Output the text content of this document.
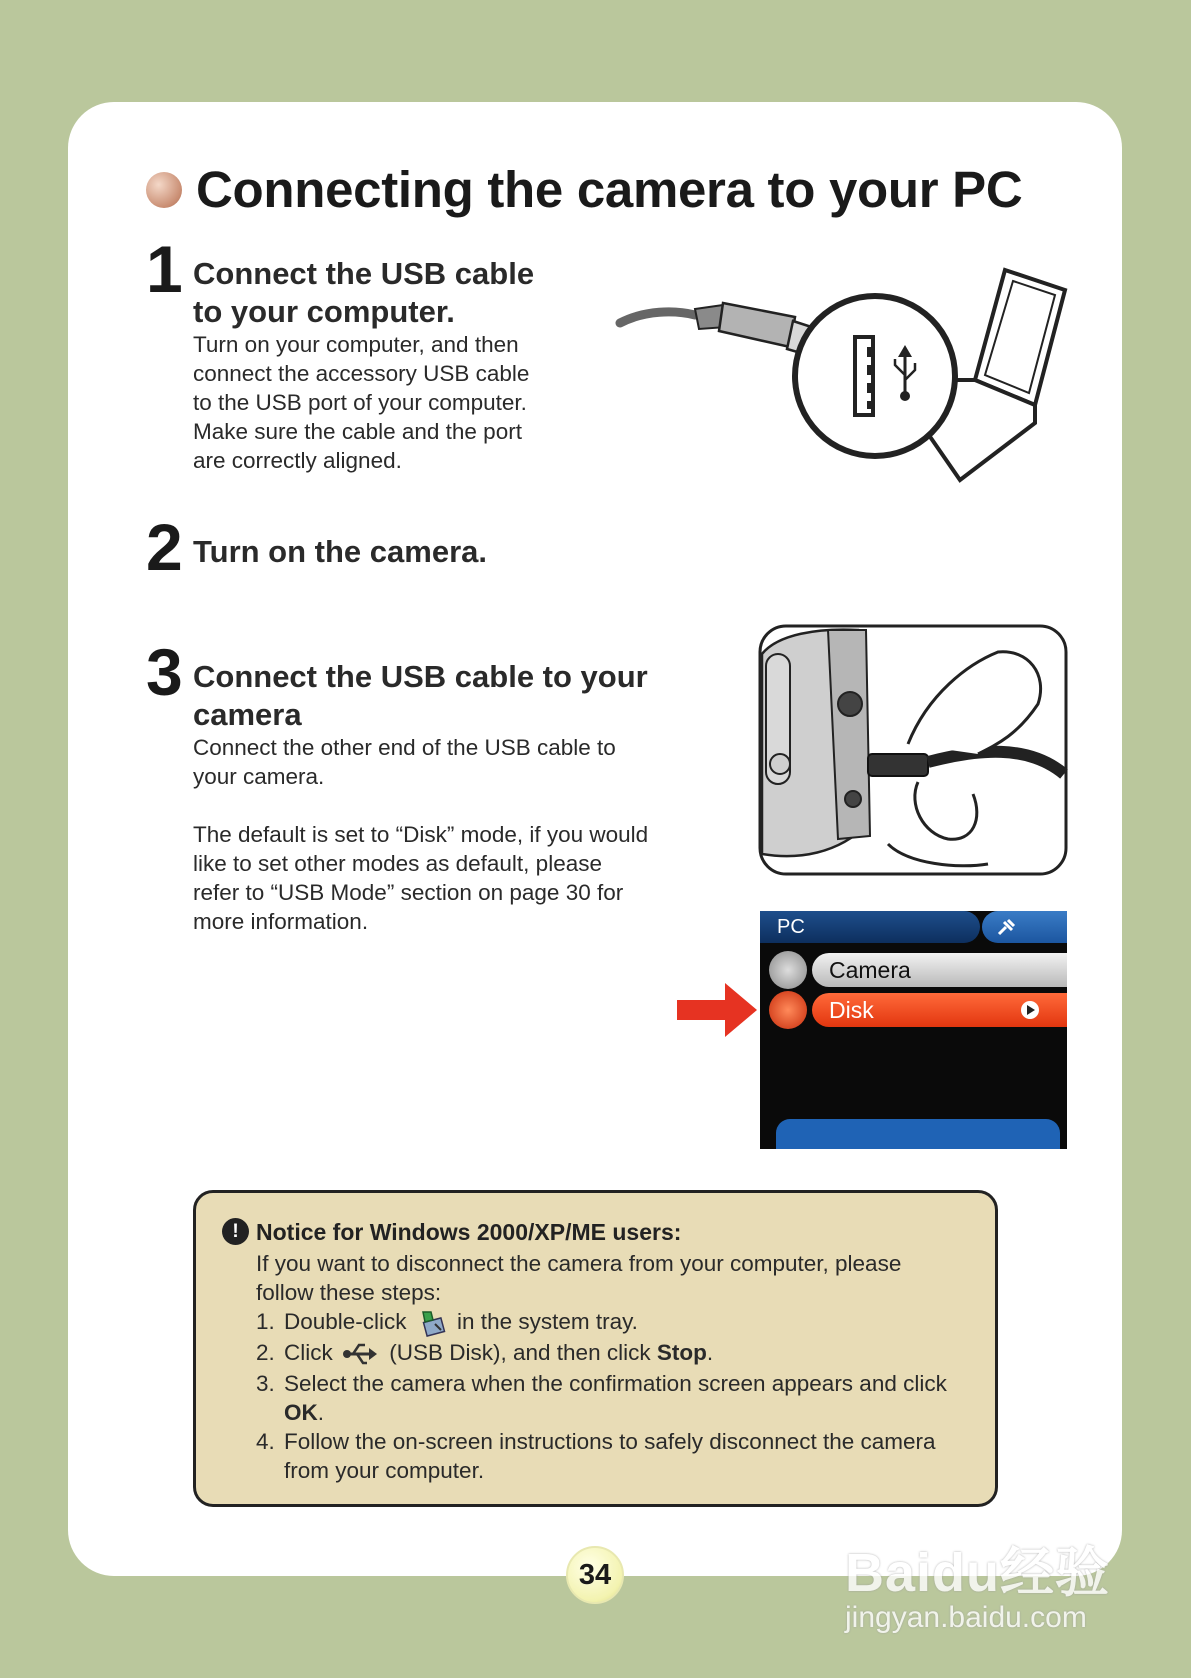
Connecting the camera to your PC
1 Connect the USB cable
to your computer.
Turn on your computer, and then
connect the accessory USB cable
to the USB port of your computer.
Make sure the cable and the port
are correctly aligned.
2 Turn on the camera.
3 Connect the USB cable to your
camera
Connect the other end of the USB cable to
your camera.
The default is set to “Disk” mode, if you would
like to set other modes as default, please
refer to “USB Mode” section on page 30 for
more information.	PC
Camera
Disk
! Notice for Windows 2000/XP/ME users:
If you want to disconnect the camera from your computer, please follow these steps:
1. Double-click  in the system tray.
2. Click  (USB Disk), and then click Stop.
3. Select the camera when the confirmation screen appears and click OK.
4. Follow the on-screen instructions to safely disconnect the camera from your computer.
34	Baidu经验
jingyan.baidu.com
